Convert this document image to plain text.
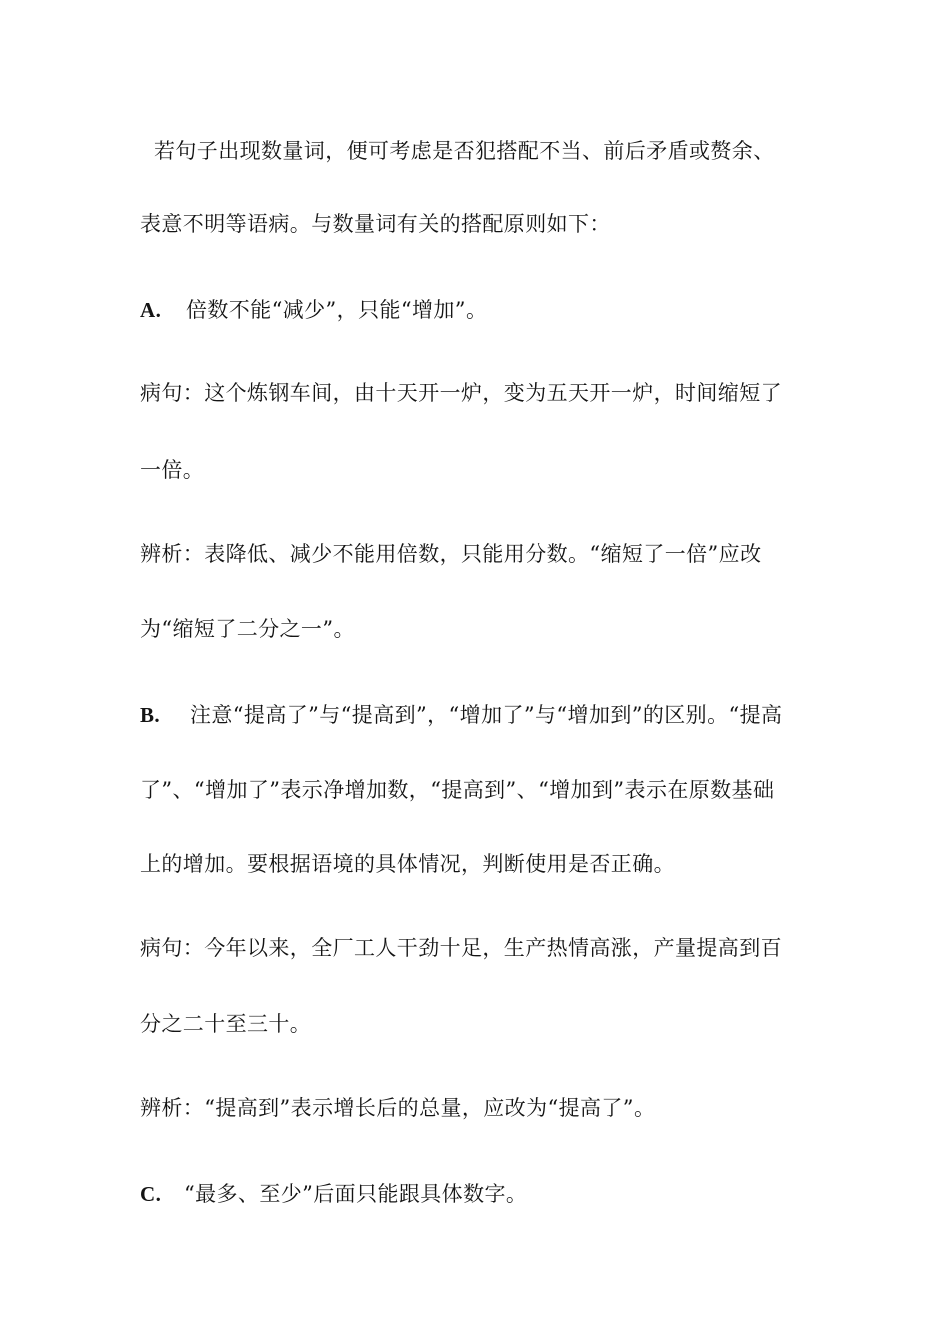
若句子出现数量词，便可考虑是否犯搭配不当、前后矛盾或赘余、
表意不明等语病。与数量词有关的搭配原则如下：
A. 倍数不能“减少”，只能“增加”。
病句：这个炼钢车间，由十天开一炉，变为五天开一炉，时间缩短了
一倍。
辨析：表降低、减少不能用倍数，只能用分数。“缩短了一倍”应改
为“缩短了二分之一”。
B. 注意“提高了”与“提高到”，“增加了”与“增加到”的区别。“提高
了”、“增加了”表示净增加数，“提高到”、“增加到”表示在原数基础
上的增加。要根据语境的具体情况，判断使用是否正确。
病句：今年以来，全厂工人干劲十足，生产热情高涨，产量提高到百
分之二十至三十。
辨析：“提高到”表示增长后的总量，应改为“提高了”。
C. “最多、至少”后面只能跟具体数字。
